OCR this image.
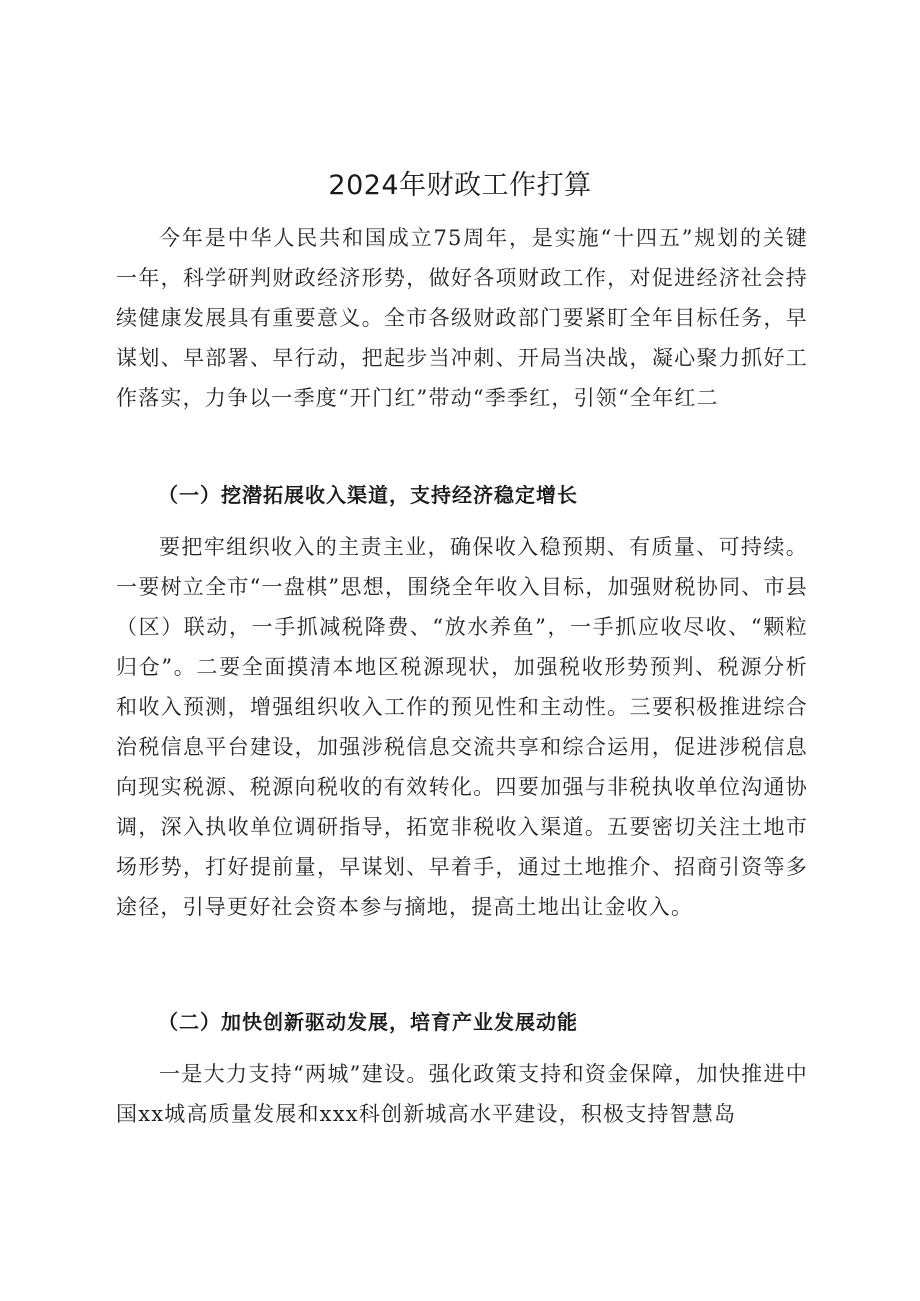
2024年财政工作打算

今年是中华人民共和国成立75周年，是实施“十四五”规划的关键一年，科学研判财政经济形势，做好各项财政工作，对促进经济社会持续健康发展具有重要意义。全市各级财政部门要紧盯全年目标任务，早谋划、早部署、早行动，把起步当冲刺、开局当决战，凝心聚力抓好工作落实，力争以一季度“开门红”带动“季季红，引领“全年红二

（一）挖潜拓展收入渠道，支持经济稳定增长

要把牢组织收入的主责主业，确保收入稳预期、有质量、可持续。一要树立全市“一盘棋”思想，围绕全年收入目标，加强财税协同、市县（区）联动，一手抓减税降费、“放水养鱼”，一手抓应收尽收、“颗粒归仓”。二要全面摸清本地区税源现状，加强税收形势预判、税源分析和收入预测，增强组织收入工作的预见性和主动性。三要积极推进综合治税信息平台建设，加强涉税信息交流共享和综合运用，促进涉税信息向现实税源、税源向税收的有效转化。四要加强与非税执收单位沟通协调，深入执收单位调研指导，拓宽非税收入渠道。五要密切关注土地市场形势，打好提前量，早谋划、早着手，通过土地推介、招商引资等多途径，引导更好社会资本参与摘地，提高土地出让金收入。

（二）加快创新驱动发展，培育产业发展动能

一是大力支持“两城”建设。强化政策支持和资金保障，加快推进中国xx城高质量发展和xxx科创新城高水平建设，积极支持智慧岛
